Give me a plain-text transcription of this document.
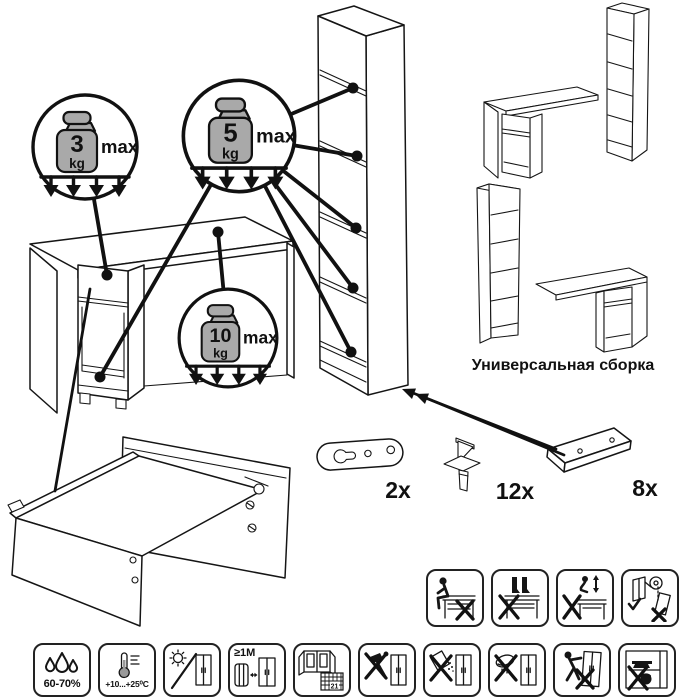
3
kg
max	5
kg
max
10
kg
max
Универсальная сборка
2x	12x	8x
60-70%	+10...+25⁰C
≥1М
21
